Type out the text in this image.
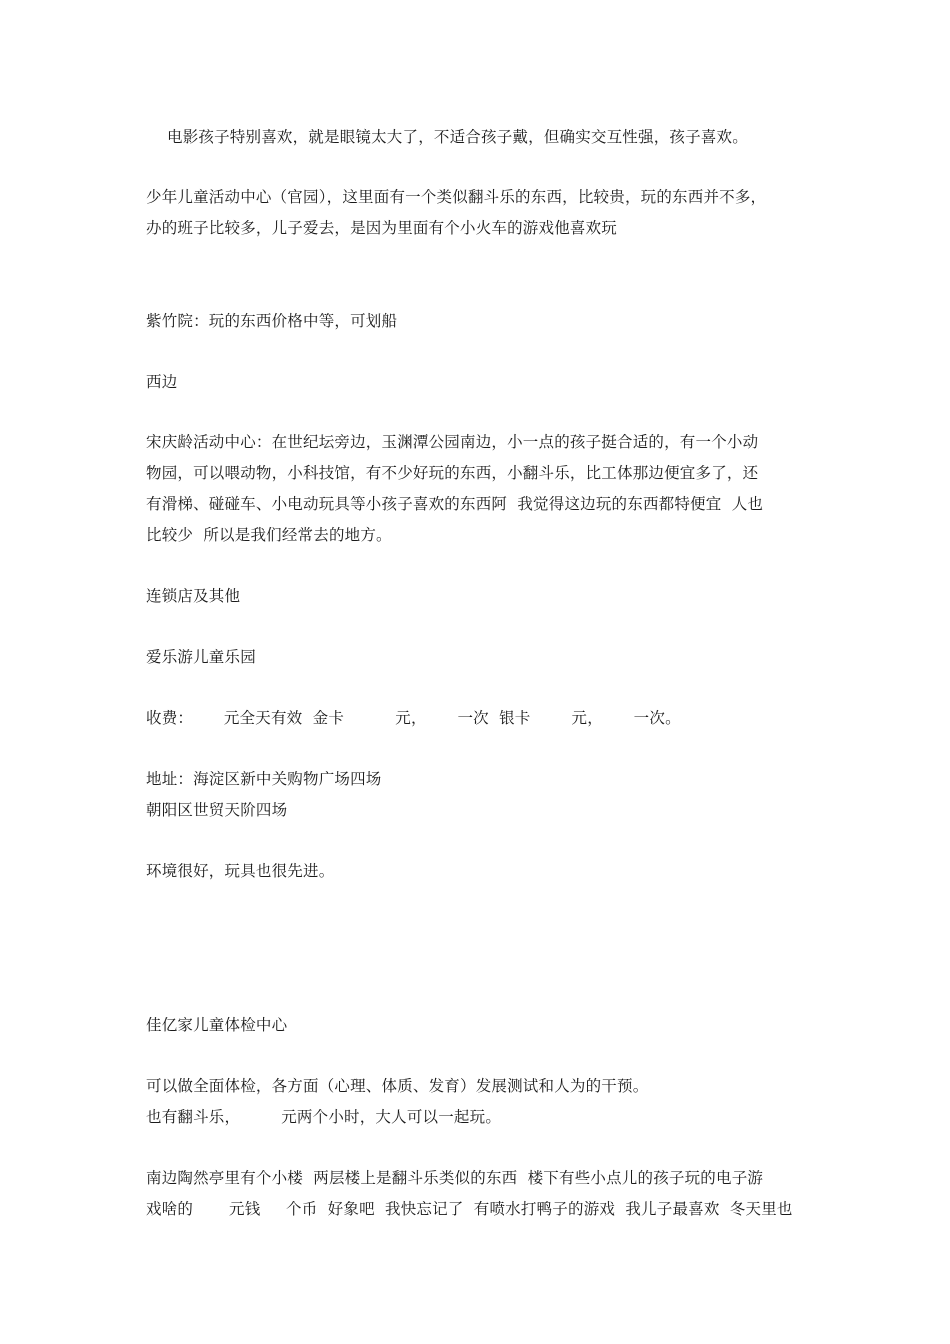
电影孩子特别喜欢，就是眼镜太大了，不适合孩子戴，但确实交互性强，孩子喜欢。
少年儿童活动中心（官园），这里面有一个类似翻斗乐的东西，比较贵，玩的东西并不多，
办的班子比较多，儿子爱去，是因为里面有个小火车的游戏他喜欢玩
紫竹院：玩的东西价格中等，可划船
西边
宋庆龄活动中心：在世纪坛旁边，玉渊潭公园南边，小一点的孩子挺合适的，有一个小动
物园，可以喂动物，小科技馆，有不少好玩的东西，小翻斗乐，比工体那边便宜多了，还
有滑梯、碰碰车、小电动玩具等小孩子喜欢的东西阿  我觉得这边玩的东西都特便宜  人也
比较少  所以是我们经常去的地方。
连锁店及其他
爱乐游儿童乐园
收费：      元全天有效  金卡          元，      一次  银卡        元，      一次。
地址：海淀区新中关购物广场四场
朝阳区世贸天阶四场
环境很好，玩具也很先进。
佳亿家儿童体检中心
可以做全面体检，各方面（心理、体质、发育）发展测试和人为的干预。
也有翻斗乐，        元两个小时，大人可以一起玩。
南边陶然亭里有个小楼  两层楼上是翻斗乐类似的东西  楼下有些小点儿的孩子玩的电子游
戏啥的       元钱     个币  好象吧  我快忘记了  有喷水打鸭子的游戏  我儿子最喜欢  冬天里也
